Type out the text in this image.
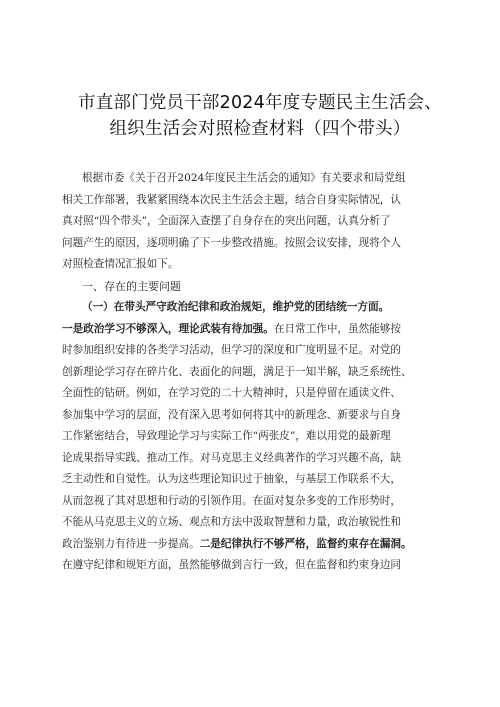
市直部门党员干部2024年度专题民主生活会、
组织生活会对照检查材料（四个带头）
根据市委《关于召开2024年度民主生活会的通知》有关要求和局党组
相关工作部署，我紧紧围绕本次民主生活会主题，结合自身实际情况，认
真对照“四个带头”，全面深入查摆了自身存在的突出问题，认真分析了
问题产生的原因，逐项明确了下一步整改措施。按照会议安排，现将个人
对照检查情况汇报如下。
一、存在的主要问题
（一）在带头严守政治纪律和政治规矩，维护党的团结统一方面。
一是政治学习不够深入，理论武装有待加强。在日常工作中，虽然能够按
时参加组织安排的各类学习活动，但学习的深度和广度明显不足。对党的
创新理论学习存在碎片化、表面化的问题，满足于一知半解，缺乏系统性、
全面性的钻研。例如，在学习党的二十大精神时，只是停留在通读文件、
参加集中学习的层面，没有深入思考如何将其中的新理念、新要求与自身
工作紧密结合，导致理论学习与实际工作“两张皮”，难以用党的最新理
论成果指导实践、推动工作。对马克思主义经典著作的学习兴趣不高，缺
乏主动性和自觉性。认为这些理论知识过于抽象，与基层工作联系不大，
从而忽视了其对思想和行动的引领作用。在面对复杂多变的工作形势时，
不能从马克思主义的立场、观点和方法中汲取智慧和力量，政治敏锐性和
政治鉴别力有待进一步提高。二是纪律执行不够严格，监督约束存在漏洞。
在遵守纪律和规矩方面，虽然能够做到言行一致，但在监督和约束身边同
